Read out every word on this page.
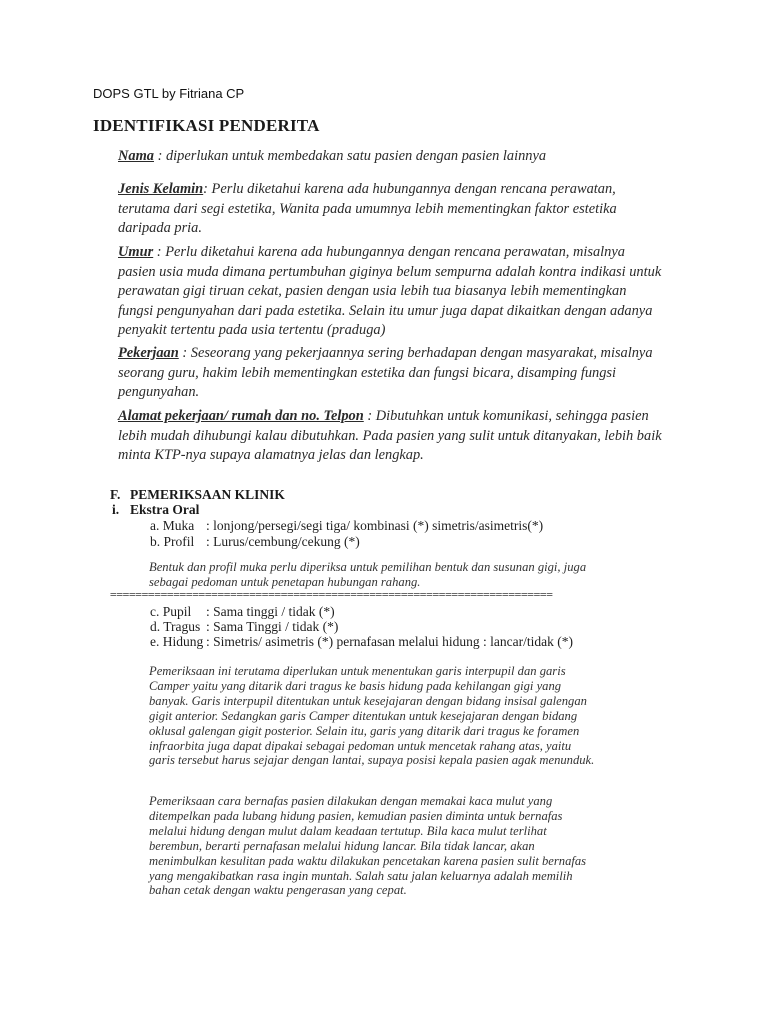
DOPS GTL by Fitriana CP
IDENTIFIKASI PENDERITA
Nama : diperlukan untuk membedakan satu pasien dengan pasien lainnya
Jenis Kelamin: Perlu diketahui karena ada hubungannya dengan rencana perawatan, terutama dari segi estetika, Wanita pada umumnya lebih mementingkan faktor estetika daripada pria.
Umur : Perlu diketahui karena ada hubungannya dengan rencana perawatan, misalnya pasien usia muda dimana pertumbuhan giginya belum sempurna adalah kontra indikasi untuk perawatan gigi tiruan cekat, pasien dengan usia lebih tua biasanya lebih mementingkan fungsi pengunyahan dari pada estetika. Selain itu umur juga dapat dikaitkan dengan adanya penyakit tertentu pada usia tertentu (praduga)
Pekerjaan : Seseorang yang pekerjaannya sering berhadapan dengan masyarakat, misalnya seorang guru, hakim lebih mementingkan estetika dan fungsi bicara, disamping fungsi pengunyahan.
Alamat pekerjaan/ rumah dan no. Telpon : Dibutuhkan untuk komunikasi, sehingga pasien lebih mudah dihubungi kalau dibutuhkan. Pada pasien yang sulit untuk ditanyakan, lebih baik minta KTP-nya supaya alamatnya jelas dan lengkap.
F. PEMERIKSAAN KLINIK
i. Ekstra Oral
a. Muka : lonjong/persegi/segi tiga/ kombinasi (*) simetris/asimetris(*)
b. Profil : Lurus/cembung/cekung (*)

Bentuk dan profil muka perlu diperiksa untuk pemilihan bentuk dan susunan gigi, juga sebagai pedoman untuk penetapan hubungan rahang.

======================================================================
c. Pupil : Sama tinggi / tidak (*)
d. Tragus : Sama Tinggi / tidak (*)
e. Hidung : Simetris/ asimetris (*) pernafasan melalui hidung : lancar/tidak (*)

Pemeriksaan ini terutama diperlukan untuk menentukan garis interpupil dan garis Camper yaitu yang ditarik dari tragus ke basis hidung pada kehilangan gigi yang banyak. Garis interpupil ditentukan untuk kesejajaran dengan bidang insisal galengan gigit anterior. Sedangkan garis Camper ditentukan untuk kesejajaran dengan bidang oklusal galengan gigit posterior. Selain itu, garis yang ditarik dari tragus ke foramen infraorbita juga dapat dipakai sebagai pedoman untuk mencetak rahang atas, yaitu garis tersebut harus sejajar dengan lantai, supaya posisi kepala pasien agak menunduk.

Pemeriksaan cara bernafas pasien dilakukan dengan memakai kaca mulut yang ditempelkan pada lubang hidung pasien, kemudian pasien diminta untuk bernafas melalui hidung dengan mulut dalam keadaan tertutup. Bila kaca mulut terlihat berembun, berarti pernafasan melalui hidung lancar. Bila tidak lancar, akan menimbulkan kesulitan pada waktu dilakukan pencetakan karena pasien sulit bernafas yang mengakibatkan rasa ingin muntah. Salah satu jalan keluarnya adalah memilih bahan cetak dengan waktu pengerasan yang cepat.
